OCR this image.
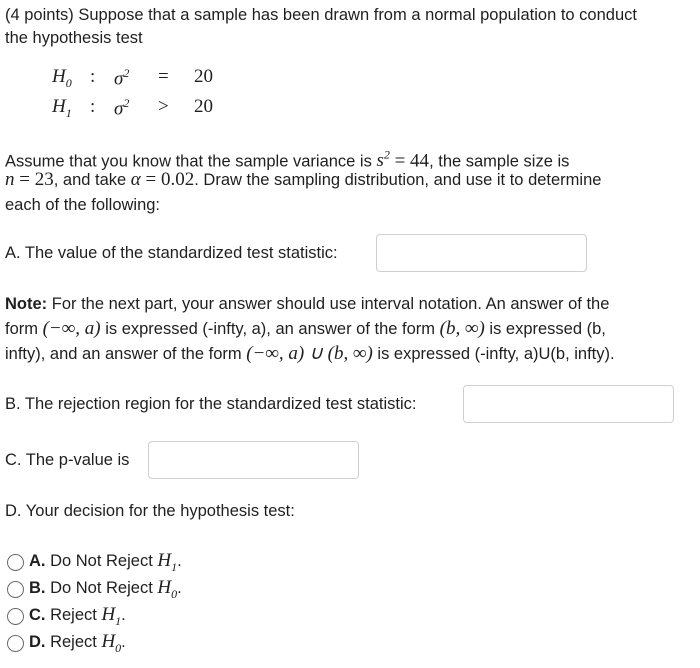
(4 points) Suppose that a sample has been drawn from a normal population to conduct
the hypothesis test
$H_0$ : $\sigma^2 = 20$
$H_1$ : $\sigma^2 > 20$
Assume that you know that the sample variance is $s^2 = 44$, the sample size is
n = 23, and take α = 0.02. Draw the sampling distribution, and use it to determine
each of the following:
A. The value of the standardized test statistic:
Note: For the next part, your answer should use interval notation. An answer of the
form (−∞, a) is expressed (-infty, a), an answer of the form (b, ∞) is expressed (b,
infty), and an answer of the form (−∞, a) ∪ (b, ∞) is expressed (-infty, a)U(b, infty).
B. The rejection region for the standardized test statistic:
C. The p-value is
D. Your decision for the hypothesis test:
A. Do Not Reject $H_1$.
B. Do Not Reject $H_0$.
C. Reject $H_1$.
D. Reject $H_0$.
